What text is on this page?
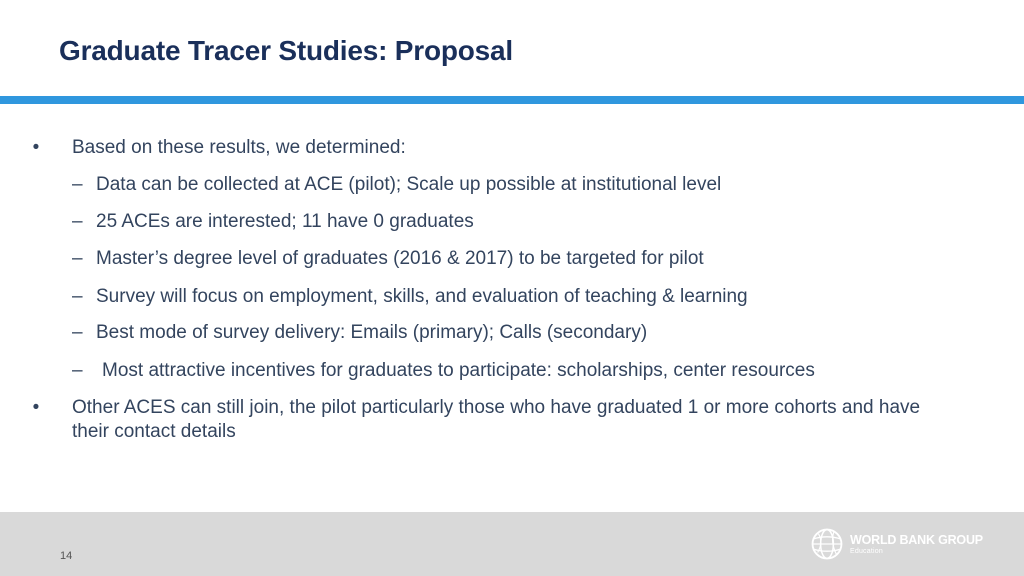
Graduate Tracer Studies: Proposal
• Based on these results, we determined:
– Data can be collected at ACE (pilot); Scale up possible at institutional level
– 25 ACEs are interested; 11 have 0 graduates
– Master’s degree level of graduates (2016 & 2017) to be targeted for pilot
– Survey will focus on employment, skills, and evaluation of teaching & learning
– Best mode of survey delivery: Emails (primary); Calls (secondary)
– Most attractive incentives for graduates to participate: scholarships, center resources
• Other ACES can still join, the pilot particularly those who have graduated 1 or more cohorts and have their contact details
14
WORLD BANK GROUP
Education
